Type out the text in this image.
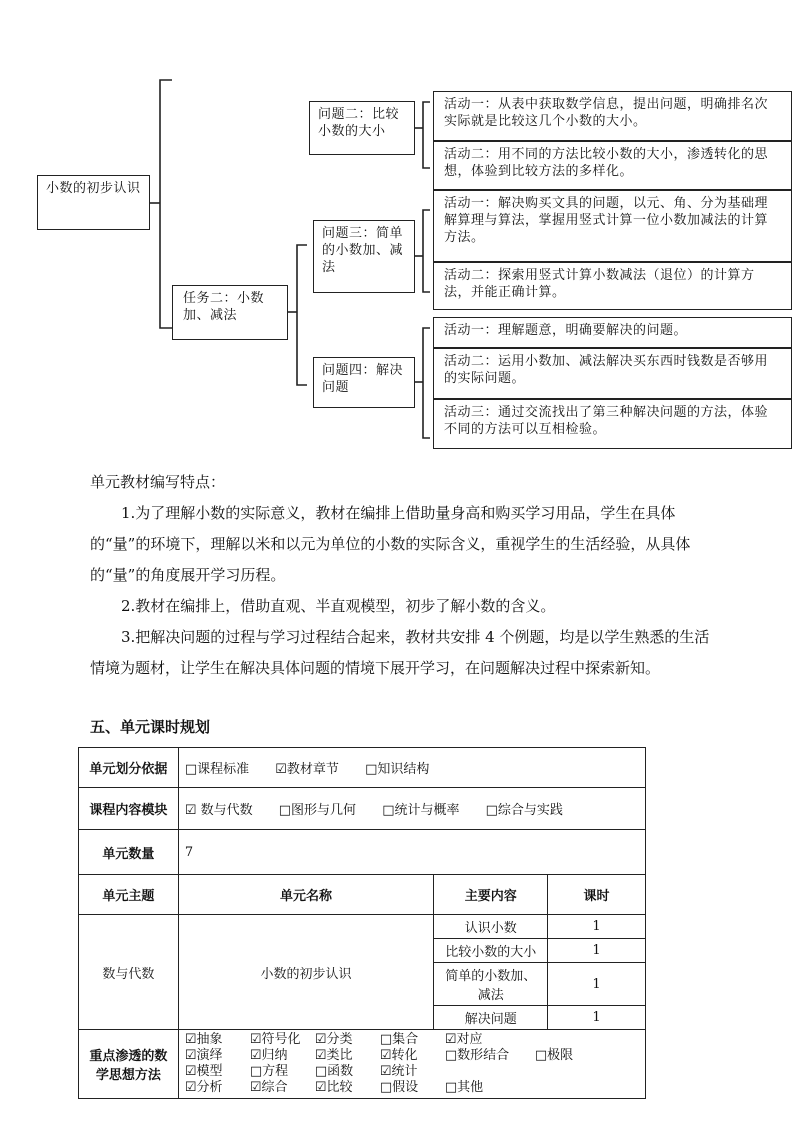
小数的初步认识
任务二：小数加、减法
问题二：比较小数的大小
问题三：简单的小数加、减法
问题四：解决问题
活动一：从表中获取数学信息，提出问题，明确排名次实际就是比较这几个小数的大小。
活动二：用不同的方法比较小数的大小，渗透转化的思想，体验到比较方法的多样化。
活动一：解决购买文具的问题，以元、角、分为基础理解算理与算法，掌握用竖式计算一位小数加减法的计算方法。
活动二：探索用竖式计算小数减法（退位）的计算方法，并能正确计算。
活动一：理解题意，明确要解决的问题。
活动二：运用小数加、减法解决买东西时钱数是否够用的实际问题。
活动三：通过交流找出了第三种解决问题的方法，体验不同的方法可以互相检验。

单元教材编写特点：

1.为了理解小数的实际意义，教材在编排上借助量身高和购买学习用品，学生在具体的“量”的环境下，理解以米和以元为单位的小数的实际含义，重视学生的生活经验，从具体的“量”的角度展开学习历程。

2.教材在编排上，借助直观、半直观模型，初步了解小数的含义。

3.把解决问题的过程与学习过程结合起来，教材共安排 4 个例题，均是以学生熟悉的生活情境为题材，让学生在解决具体问题的情境下展开学习，在问题解决过程中探索新知。

五、单元课时规划
单元划分依据	□课程标准 ☑教材章节 □知识结构		
课程内容模块	☑ 数与代数 □图形与几何 □统计与概率 □综合与实践		
单元数量	7		
单元主题	单元名称	主要内容	课时
数与代数	小数的初步认识	认识小数	1
		比较小数的大小	1
		简单的小数加、减法	1
		解决问题	1
重点渗透的数学思想方法	☑抽象 ☑符号化 ☑分类 □集合 ☑对应
☑演绎 ☑归纳 ☑类比 ☑转化 □数形结合 □极限
☑模型 □方程 □函数 ☑统计
☑分析 ☑综合 ☑比较 □假设 □其他		
